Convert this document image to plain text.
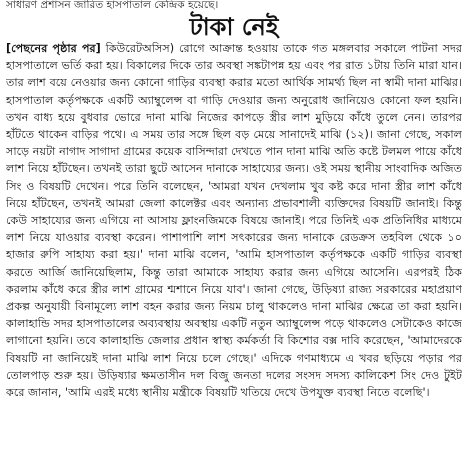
সাধারণ প্রশাসন জারিত হাসপাতাল কেন্দ্রিক হয়েছে।
টাকা নেই

[পেছনের পৃষ্ঠার পর] কিউরেটঅসিস) রোগে আক্রান্ত হওয়ায় তাকে গত মঙ্গলবার সকালে পাটনা সদর হাসপাতালে ভর্তি করা হয়। বিকালের দিকে তার অবস্থা সঙ্কটাপন্ন হয় এবং পর রাত ১টায় তিনি মারা যান। তার লাশ বয়ে নেওয়ার জন্য কোনো গাড়ির ব্যবস্থা করার মতো আর্থিক সামর্থ্য ছিল না স্বামী দানা মাঝির। হাসপাতাল কর্তৃপক্ষকে একটি অ্যাম্বুলেন্স বা গাড়ি দেওয়ার জন্য অনুরোধ জানিয়েও কোনো ফল হয়নি। তখন বাধ্য হয়ে বুধবার ভোরে দানা মাঝি নিজের কাপড়ে স্ত্রীর লাশ মুড়িয়ে কাঁধে তুলে নেন। তারপর হাঁটতে থাকেন বাড়ির পথে। এ সময় তার সঙ্গে ছিল বড় মেয়ে সানাদেই মাঝি (১২)। জানা গেছে, সকাল সাড়ে নয়টা নাগাদ সাগাদা গ্রামের কয়েক বাসিন্দারা দেখতে পান দানা মাঝি অতি কষ্টে টলমল পায়ে কাঁধে লাশ নিয়ে হাঁটছেন। তখনই তারা ছুটে আসেন দানাকে সাহায্যের জন্য। ওই সময় স্থানীয় সাংবাদিক অজিত সিং ও বিষয়টি দেখেন। পরে তিনি বলেছেন, 'আমরা যখন দেখলাম খুব কষ্ট করে দানা স্ত্রীর লাশ কাঁধে নিয়ে হাঁটছেন, তখনই আমরা জেলা কালেক্টর এবং অন্যান্য প্রভাবশালী ব্যক্তিদের বিষয়টি জানাই। কিন্তু কেউ সাহায্যের জন্য এগিয়ে না আসায় ফ্লাংনজিমকে বিষয়ে জানাই। পরে তিনিই এক প্রতিনিধির মাধ্যমে লাশ নিয়ে যাওয়ার ব্যবস্থা করেন। পাশাপাশি লাশ সৎকারের জন্য দানাকে রেডক্রস তহবিল থেকে ১০ হাজার রুপি সাহায্য করা হয়।' দানা মাঝি বলেন, 'আমি হাসপাতাল কর্তৃপক্ষকে একটি গাড়ির ব্যবস্থা করতে আর্জি জানিয়েছিলাম, কিন্তু তারা আমাকে সাহায্য করার জন্য এগিয়ে আসেনি। এরপরই ঠিক করলাম কাঁধে করে স্ত্রীর লাশ গ্রামের শ্মশানে নিয়ে যাব'। জানা গেছে, উড়িষ্যা রাজ্য সরকারের মহাপ্রয়াণ প্রকল্প অনুযায়ী বিনামূল্যে লাশ বহন করার জন্য নিয়ম চালু থাকলেও দানা মাঝির ক্ষেত্রে তা করা হয়নি। কালাহান্ডি সদর হাসপাতালের অব্যবস্থায় অবস্থায় একটি নতুন অ্যাম্বুলেন্স পড়ে থাকলেও সেটাকেও কাজে লাগানো হয়নি। তবে কালাহান্ডি জেলার প্রধান স্বাস্থ্য কর্মকর্তা বি কিশোর বক্স দাবি করেছেন, 'আমাদেরকে বিষয়টি না জানিয়েই দানা মাঝি লাশ নিয়ে চলে গেছে।' এদিকে গণমাধ্যমে এ খবর ছড়িয়ে পড়ার পর তোলপাড় শুরু হয়। উড়িষ্যার ক্ষমতাসীন দল বিজু জনতা দলের সংসদ সদস্য কালিকেশ সিং দেও টুইট করে জানান, 'আমি এরই মধ্যে স্থানীয় মন্ত্রীকে বিষয়টি খতিয়ে দেখে উপযুক্ত ব্যবস্থা নিতে বলেছি'।
